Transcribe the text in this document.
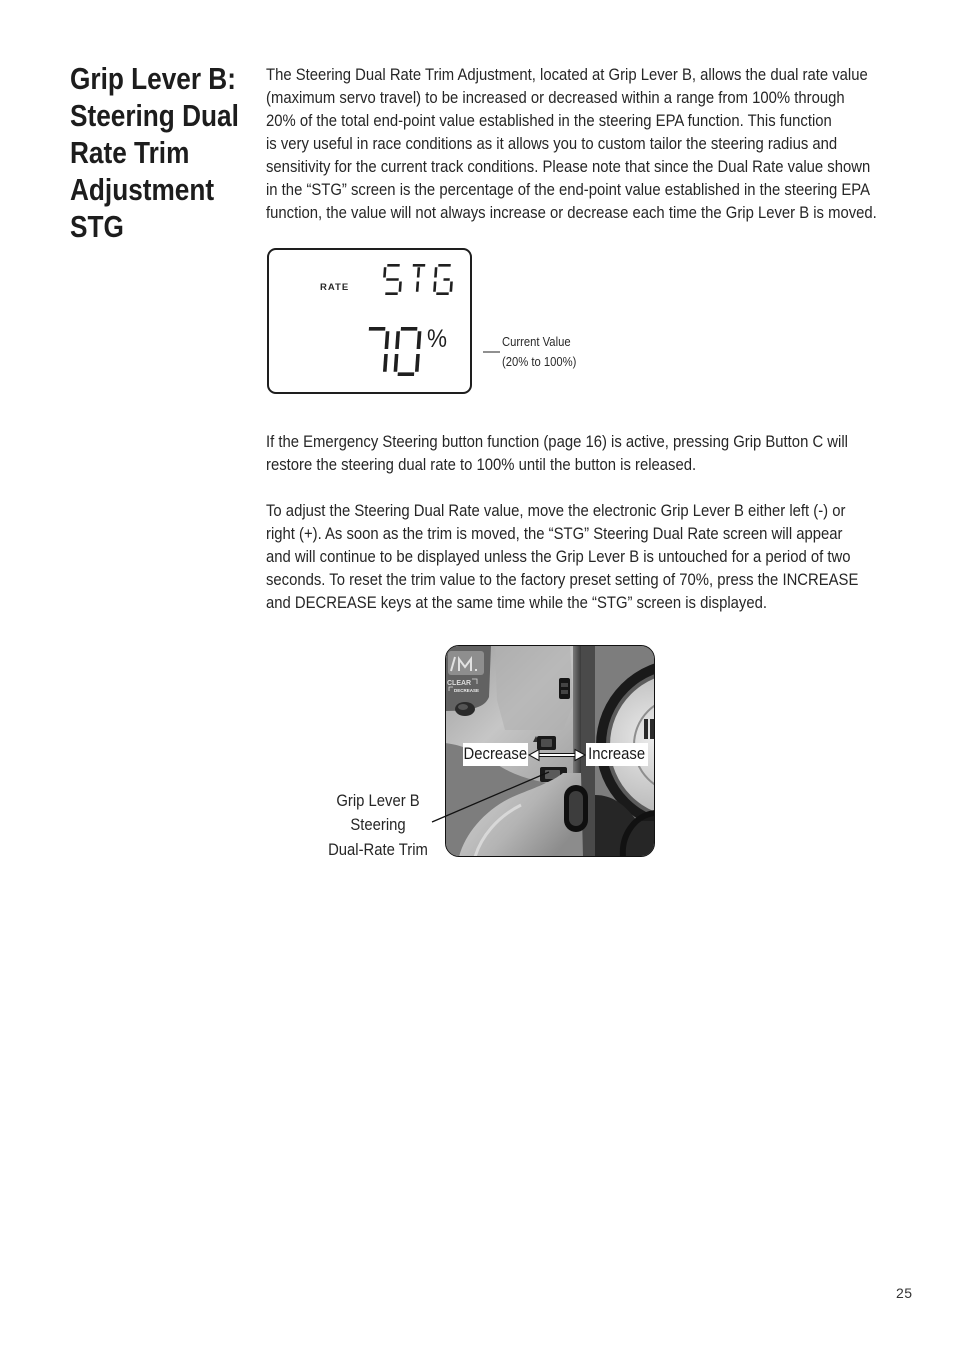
Grip Lever B:
Steering Dual
Rate Trim
Adjustment
STG
The Steering Dual Rate Trim Adjustment, located at Grip Lever B, allows the dual rate value
(maximum servo travel) to be increased or decreased within a range from 100% through
20% of the total end-point value established in the steering EPA function. This function
is very useful in race conditions as it allows you to custom tailor the steering radius and
sensitivity for the current track conditions. Please note that since the Dual Rate value shown
in the “STG” screen is the percentage of the end-point value established in the steering EPA
function, the value will not always increase or decrease each time the Grip Lever B is moved.
RATE
%	Current Value
(20% to 100%)
If the Emergency Steering button function (page 16) is active, pressing Grip Button C will
restore the steering dual rate to 100% until the button is released.
To adjust the Steering Dual Rate value, move the electronic Grip Lever B either left (-) or
right (+). As soon as the trim is moved, the “STG” Steering Dual Rate screen will appear
and will continue to be displayed unless the Grip Lever B is untouched for a period of two
seconds. To reset the trim value to the factory preset setting of 70%, press the INCREASE
and DECREASE keys at the same time while the “STG” screen is displayed.
CLEAR
DECREASE
Decrease	Increase
Grip Lever B
Steering
Dual-Rate Trim
25
